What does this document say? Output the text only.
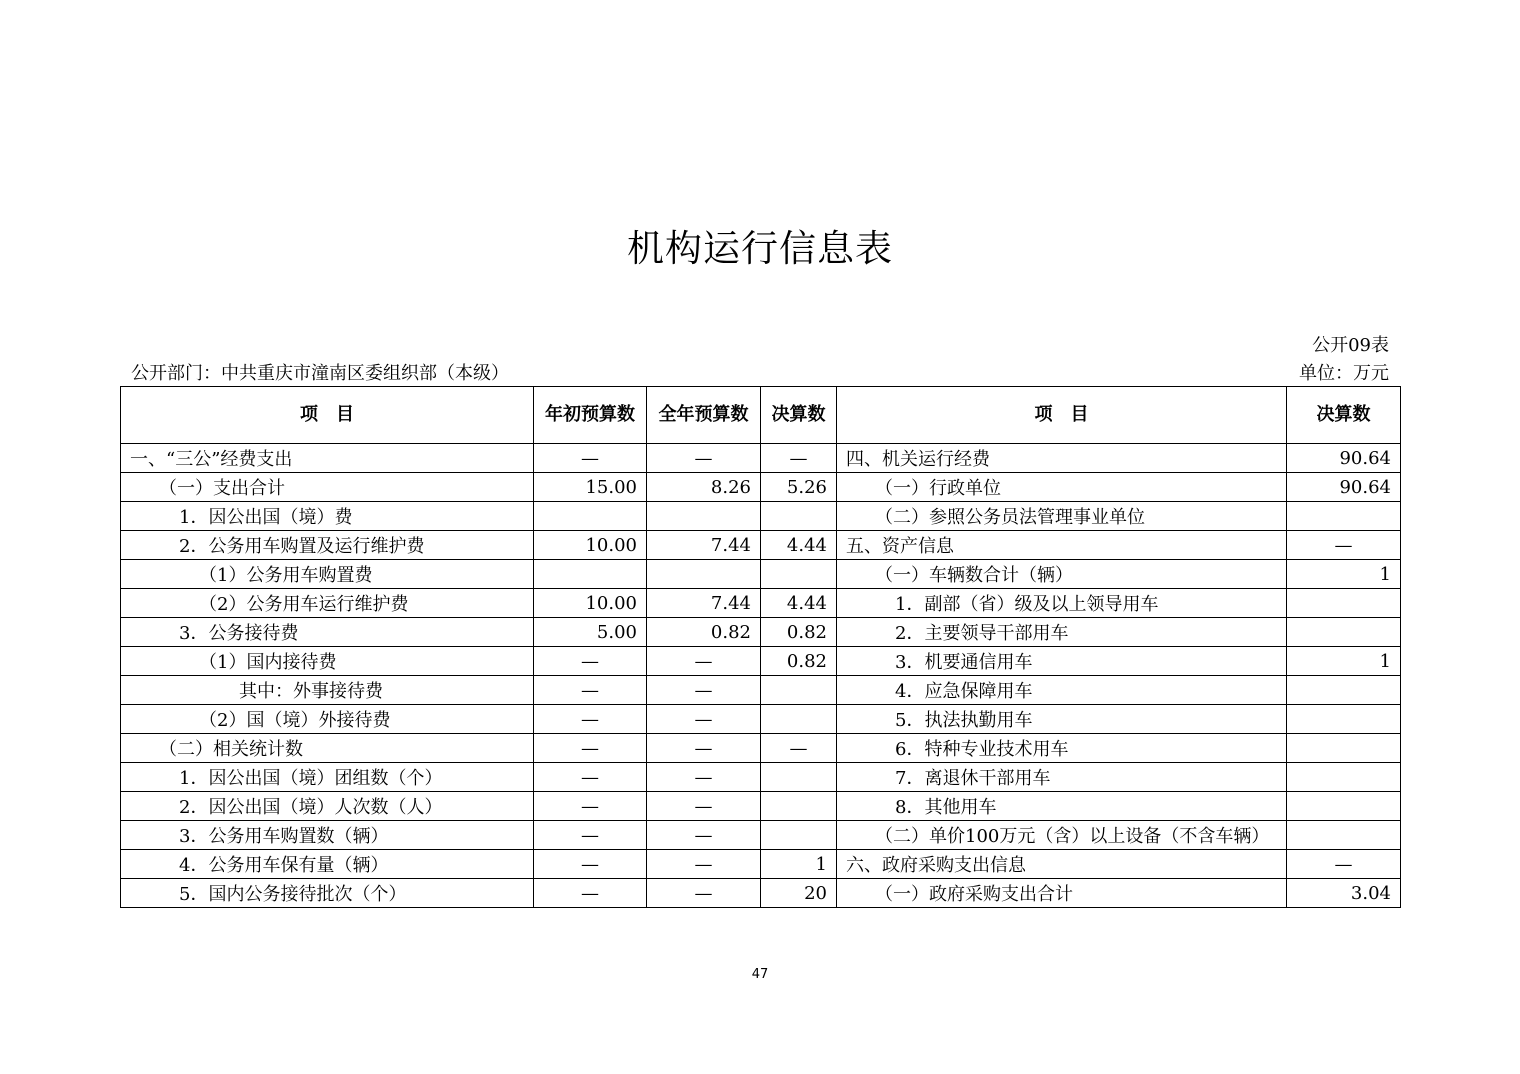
机构运行信息表
公开09表
公开部门：中共重庆市潼南区委组织部（本级）	单位：万元
项　目	年初预算数	全年预算数	决算数	项　目	决算数
一、“三公”经费支出	—	—	—	四、机关运行经费	90.64
（一）支出合计	15.00	8.26	5.26	（一）行政单位	90.64
1．因公出国（境）费				（二）参照公务员法管理事业单位	
2．公务用车购置及运行维护费	10.00	7.44	4.44	五、资产信息	—
（1）公务用车购置费				（一）车辆数合计（辆）	1
（2）公务用车运行维护费	10.00	7.44	4.44	1．副部（省）级及以上领导用车	
3．公务接待费	5.00	0.82	0.82	2．主要领导干部用车	
（1）国内接待费	—	—	0.82	3．机要通信用车	1
其中：外事接待费	—	—		4．应急保障用车	
（2）国（境）外接待费	—	—		5．执法执勤用车	
（二）相关统计数	—	—	—	6．特种专业技术用车	
1．因公出国（境）团组数（个）	—	—		7．离退休干部用车	
2．因公出国（境）人次数（人）	—	—		8．其他用车	
3．公务用车购置数（辆）	—	—		（二）单价100万元（含）以上设备（不含车辆）	
4．公务用车保有量（辆）	—	—	1	六、政府采购支出信息	—
5．国内公务接待批次（个）	—	—	20	（一）政府采购支出合计	3.04
47
